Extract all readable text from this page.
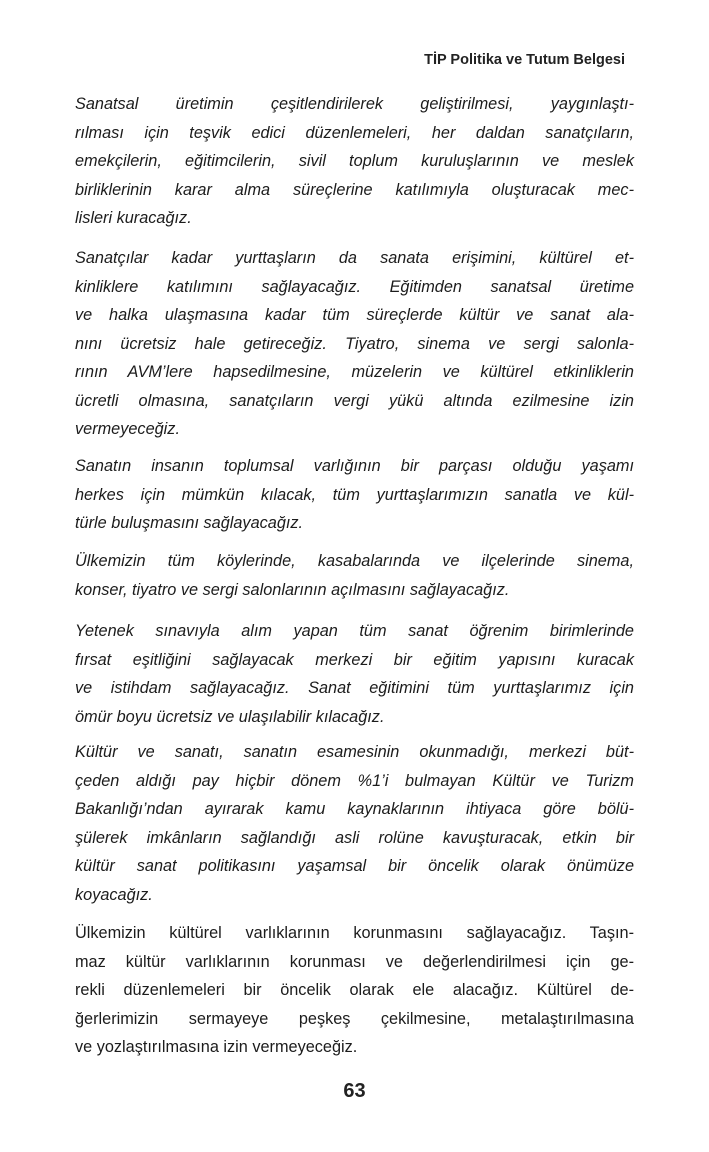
TİP Politika ve Tutum Belgesi
Sanatsal üretimin çeşitlendirilerek geliştirilmesi, yaygınlaştı-
rılması için teşvik edici düzenlemeleri, her daldan sanatçıların,
emekçilerin, eğitimcilerin, sivil toplum kuruluşlarının ve meslek
birliklerinin karar alma süreçlerine katılımıyla oluşturacak mec-
lisleri kuracağız.
Sanatçılar kadar yurttaşların da sanata erişimini, kültürel et-
kinliklere katılımını sağlayacağız. Eğitimden sanatsal üretime
ve halka ulaşmasına kadar tüm süreçlerde kültür ve sanat ala-
nını ücretsiz hale getireceğiz. Tiyatro, sinema ve sergi salonla-
rının AVM’lere hapsedilmesine, müzelerin ve kültürel etkinliklerin
ücretli olmasına, sanatçıların vergi yükü altında ezilmesine izin
vermeyeceğiz.
Sanatın insanın toplumsal varlığının bir parçası olduğu yaşamı
herkes için mümkün kılacak, tüm yurttaşlarımızın sanatla ve kül-
türle buluşmasını sağlayacağız.
Ülkemizin tüm köylerinde, kasabalarında ve ilçelerinde sinema,
konser, tiyatro ve sergi salonlarının açılmasını sağlayacağız.
Yetenek sınavıyla alım yapan tüm sanat öğrenim birimlerinde
fırsat eşitliğini sağlayacak merkezi bir eğitim yapısını kuracak
ve istihdam sağlayacağız. Sanat eğitimini tüm yurttaşlarımız için
ömür boyu ücretsiz ve ulaşılabilir kılacağız.
Kültür ve sanatı, sanatın esamesinin okunmadığı, merkezi büt-
çeden aldığı pay hiçbir dönem %1’i bulmayan Kültür ve Turizm
Bakanlığı’ndan ayırarak kamu kaynaklarının ihtiyaca göre bölü-
şülerek imkânların sağlandığı asli rolüne kavuşturacak, etkin bir
kültür sanat politikasını yaşamsal bir öncelik olarak önümüze
koyacağız.
Ülkemizin kültürel varlıklarının korunmasını sağlayacağız. Taşın-
maz kültür varlıklarının korunması ve değerlendirilmesi için ge-
rekli düzenlemeleri bir öncelik olarak ele alacağız. Kültürel de-
ğerlerimizin sermayeye peşkeş çekilmesine, metalaştırılmasına
ve yozlaştırılmasına izin vermeyeceğiz.
63
